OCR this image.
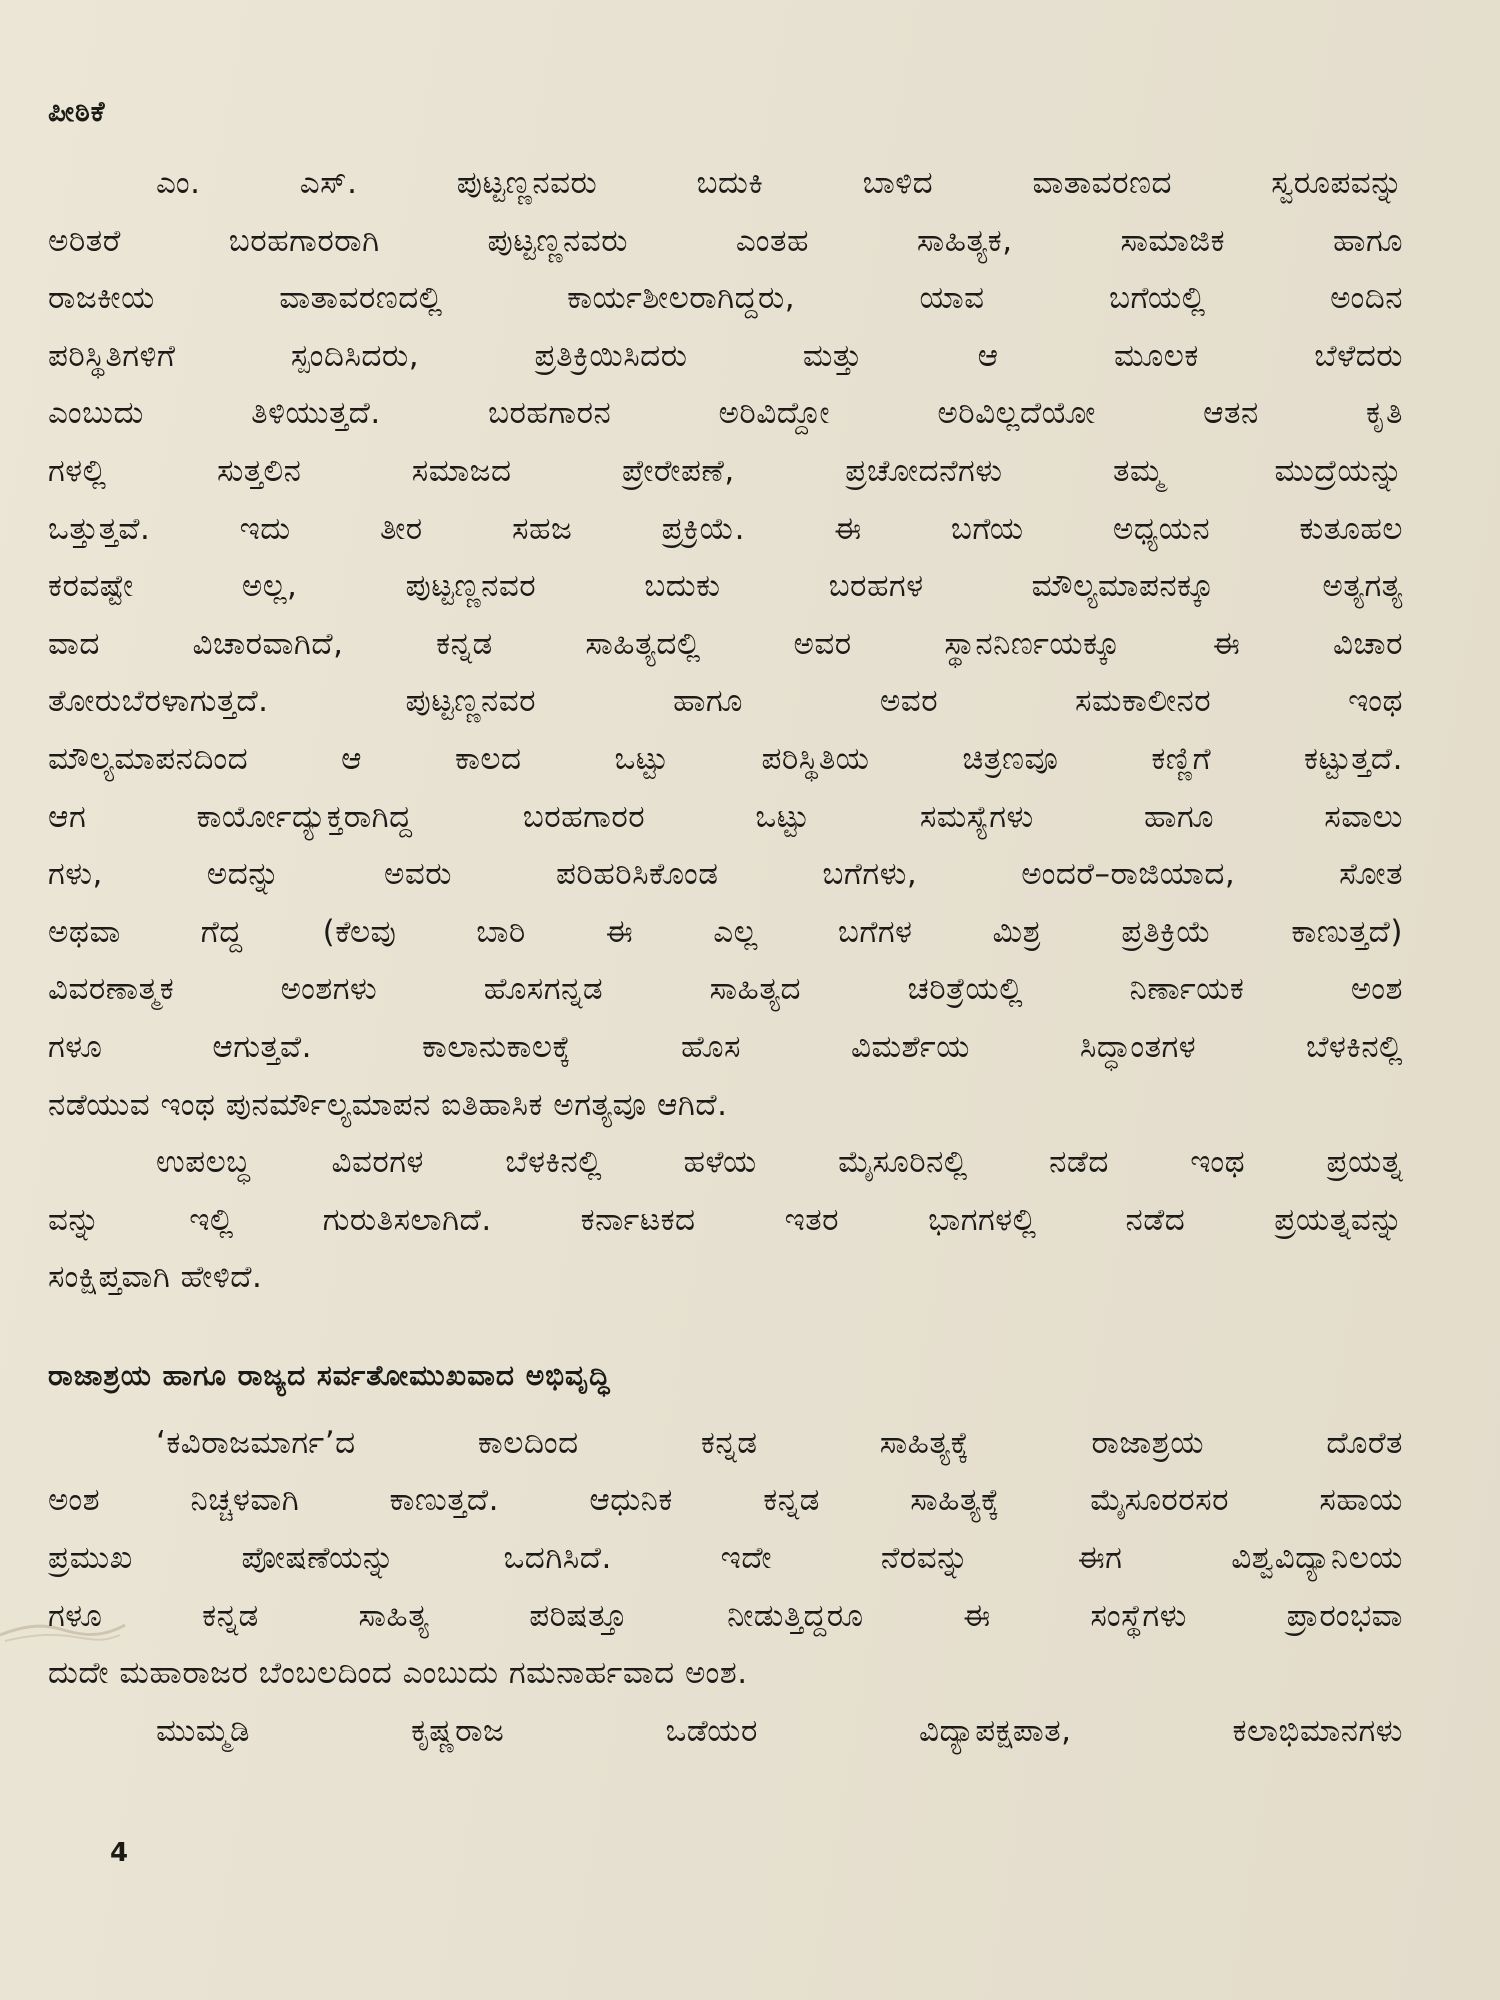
ಪೀಠಿಕೆ
ಎಂ. ಎಸ್. ಪುಟ್ಟಣ್ಣನವರು ಬದುಕಿ ಬಾಳಿದ ವಾತಾವರಣದ ಸ್ವರೂಪವನ್ನು
ಅರಿತರೆ ಬರಹಗಾರರಾಗಿ ಪುಟ್ಟಣ್ಣನವರು ಎಂತಹ ಸಾಹಿತ್ಯಕ, ಸಾಮಾಜಿಕ ಹಾಗೂ
ರಾಜಕೀಯ ವಾತಾವರಣದಲ್ಲಿ ಕಾರ್ಯಶೀಲರಾಗಿದ್ದರು, ಯಾವ ಬಗೆಯಲ್ಲಿ ಅಂದಿನ
ಪರಿಸ್ಥಿತಿಗಳಿಗೆ ಸ್ಪಂದಿಸಿದರು, ಪ್ರತಿಕ್ರಿಯಿಸಿದರು ಮತ್ತು ಆ ಮೂಲಕ ಬೆಳೆದರು
ಎಂಬುದು ತಿಳಿಯುತ್ತದೆ. ಬರಹಗಾರನ ಅರಿವಿದ್ದೋ ಅರಿವಿಲ್ಲದೆಯೋ ಆತನ ಕೃತಿ
ಗಳಲ್ಲಿ ಸುತ್ತಲಿನ ಸಮಾಜದ ಪ್ರೇರೇಪಣೆ, ಪ್ರಚೋದನೆಗಳು ತಮ್ಮ ಮುದ್ರೆಯನ್ನು
ಒತ್ತುತ್ತವೆ. ಇದು ತೀರ ಸಹಜ ಪ್ರಕ್ರಿಯೆ. ಈ ಬಗೆಯ ಅಧ್ಯಯನ ಕುತೂಹಲ
ಕರವಷ್ಟೇ ಅಲ್ಲ, ಪುಟ್ಟಣ್ಣನವರ ಬದುಕು ಬರಹಗಳ ಮೌಲ್ಯಮಾಪನಕ್ಕೂ ಅತ್ಯಗತ್ಯ
ವಾದ ವಿಚಾರವಾಗಿದೆ, ಕನ್ನಡ ಸಾಹಿತ್ಯದಲ್ಲಿ ಅವರ ಸ್ಥಾನನಿರ್ಣಯಕ್ಕೂ ಈ ವಿಚಾರ
ತೋರುಬೆರಳಾಗುತ್ತದೆ. ಪುಟ್ಟಣ್ಣನವರ ಹಾಗೂ ಅವರ ಸಮಕಾಲೀನರ ಇಂಥ
ಮೌಲ್ಯಮಾಪನದಿಂದ ಆ ಕಾಲದ ಒಟ್ಟು ಪರಿಸ್ಥಿತಿಯ ಚಿತ್ರಣವೂ ಕಣ್ಣಿಗೆ ಕಟ್ಟುತ್ತದೆ.
ಆಗ ಕಾರ್ಯೋದ್ಯುಕ್ತರಾಗಿದ್ದ ಬರಹಗಾರರ ಒಟ್ಟು ಸಮಸ್ಯೆಗಳು ಹಾಗೂ ಸವಾಲು
ಗಳು, ಅದನ್ನು ಅವರು ಪರಿಹರಿಸಿಕೊಂಡ ಬಗೆಗಳು, ಅಂದರೆ–ರಾಜಿಯಾದ, ಸೋತ
ಅಥವಾ ಗೆದ್ದ (ಕೆಲವು ಬಾರಿ ಈ ಎಲ್ಲ ಬಗೆಗಳ ಮಿಶ್ರ ಪ್ರತಿಕ್ರಿಯೆ ಕಾಣುತ್ತದೆ)
ವಿವರಣಾತ್ಮಕ ಅಂಶಗಳು ಹೊಸಗನ್ನಡ ಸಾಹಿತ್ಯದ ಚರಿತ್ರೆಯಲ್ಲಿ ನಿರ್ಣಾಯಕ ಅಂಶ
ಗಳೂ ಆಗುತ್ತವೆ. ಕಾಲಾನುಕಾಲಕ್ಕೆ ಹೊಸ ವಿಮರ್ಶೆಯ ಸಿದ್ಧಾಂತಗಳ ಬೆಳಕಿನಲ್ಲಿ
ನಡೆಯುವ ಇಂಥ ಪುನರ್ಮೌಲ್ಯಮಾಪನ ಐತಿಹಾಸಿಕ ಅಗತ್ಯವೂ ಆಗಿದೆ.
ಉಪಲಬ್ಧ ವಿವರಗಳ ಬೆಳಕಿನಲ್ಲಿ ಹಳೆಯ ಮೈಸೂರಿನಲ್ಲಿ ನಡೆದ ಇಂಥ ಪ್ರಯತ್ನ
ವನ್ನು ಇಲ್ಲಿ ಗುರುತಿಸಲಾಗಿದೆ. ಕರ್ನಾಟಕದ ಇತರ ಭಾಗಗಳಲ್ಲಿ ನಡೆದ ಪ್ರಯತ್ನವನ್ನು
ಸಂಕ್ಷಿಪ್ತವಾಗಿ ಹೇಳಿದೆ.
ರಾಜಾಶ್ರಯ ಹಾಗೂ ರಾಜ್ಯದ ಸರ್ವತೋಮುಖವಾದ ಅಭಿವೃದ್ಧಿ
‘ಕವಿರಾಜಮಾರ್ಗ’ದ ಕಾಲದಿಂದ ಕನ್ನಡ ಸಾಹಿತ್ಯಕ್ಕೆ ರಾಜಾಶ್ರಯ ದೊರೆತ
ಅಂಶ ನಿಚ್ಚಳವಾಗಿ ಕಾಣುತ್ತದೆ. ಆಧುನಿಕ ಕನ್ನಡ ಸಾಹಿತ್ಯಕ್ಕೆ ಮೈಸೂರರಸರ ಸಹಾಯ
ಪ್ರಮುಖ ಪೋಷಣೆಯನ್ನು ಒದಗಿಸಿದೆ. ಇದೇ ನೆರವನ್ನು ಈಗ ವಿಶ್ವವಿದ್ಯಾನಿಲಯ
ಗಳೂ ಕನ್ನಡ ಸಾಹಿತ್ಯ ಪರಿಷತ್ತೂ ನೀಡುತ್ತಿದ್ದರೂ ಈ ಸಂಸ್ಥೆಗಳು ಪ್ರಾರಂಭವಾ
ದುದೇ ಮಹಾರಾಜರ ಬೆಂಬಲದಿಂದ ಎಂಬುದು ಗಮನಾರ್ಹವಾದ ಅಂಶ.
ಮುಮ್ಮಡಿ ಕೃಷ್ಣರಾಜ ಒಡೆಯರ ವಿದ್ಯಾಪಕ್ಷಪಾತ, ಕಲಾಭಿಮಾನಗಳು
4
